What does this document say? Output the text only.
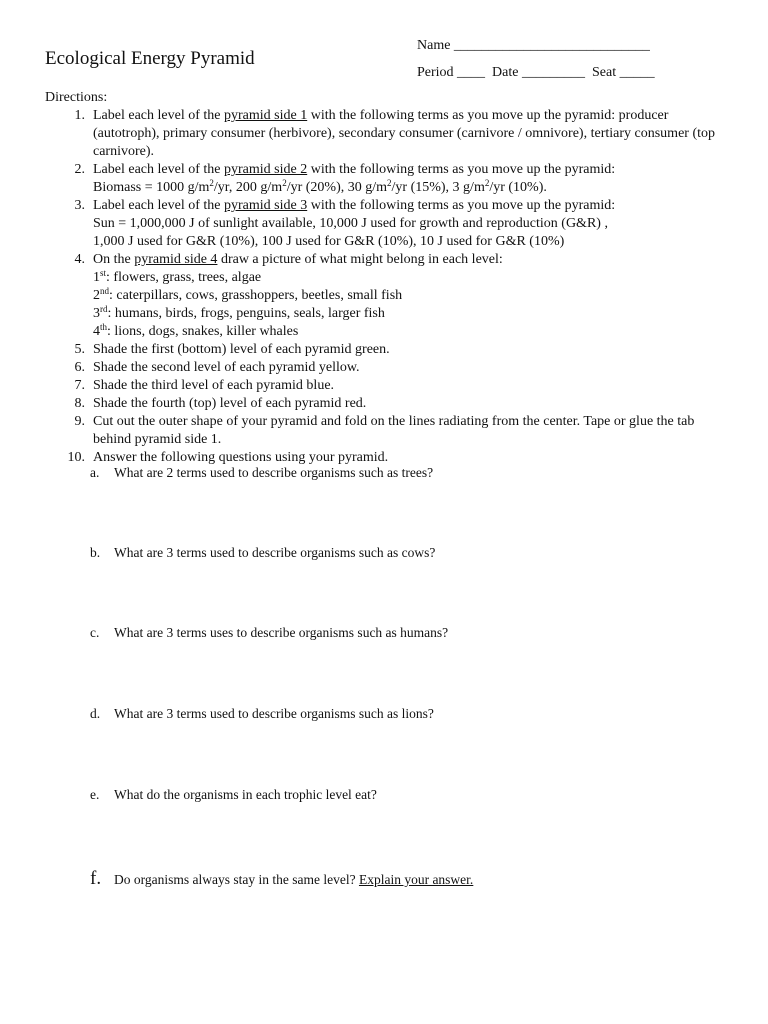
Ecological Energy Pyramid
Name ____________________________
Period ____  Date _________  Seat _____
Directions:
1. Label each level of the pyramid side 1 with the following terms as you move up the pyramid: producer (autotroph), primary consumer (herbivore), secondary consumer (carnivore / omnivore), tertiary consumer (top carnivore).
2. Label each level of the pyramid side 2 with the following terms as you move up the pyramid:
Biomass = 1000 $g/m^2/yr$, 200 $g/m^2/yr$ (20%), 30 $g/m^2/yr$ (15%), 3 $g/m^2/yr$ (10%).
3. Label each level of the pyramid side 3 with the following terms as you move up the pyramid:
Sun = 1,000,000 J of sunlight available, 10,000 J used for growth and reproduction (G&R) ,
1,000 J used for G&R (10%), 100 J used for G&R (10%), 10 J used for G&R (10%)
4. On the pyramid side 4 draw a picture of what might belong in each level:
1st: flowers, grass, trees, algae
2nd: caterpillars, cows, grasshoppers, beetles, small fish
3rd: humans, birds, frogs, penguins, seals, larger fish
4th: lions, dogs, snakes, killer whales
5. Shade the first (bottom) level of each pyramid green.
6. Shade the second level of each pyramid yellow.
7. Shade the third level of each pyramid blue.
8. Shade the fourth (top) level of each pyramid red.
9. Cut out the outer shape of your pyramid and fold on the lines radiating from the center. Tape or glue the tab behind pyramid side 1.
10. Answer the following questions using your pyramid.
a. What are 2 terms used to describe organisms such as trees?
b. What are 3 terms used to describe organisms such as cows?
c. What are 3 terms uses to describe organisms such as humans?
d. What are 3 terms used to describe organisms such as lions?
e. What do the organisms in each trophic level eat?
f. Do organisms always stay in the same level? Explain your answer.
